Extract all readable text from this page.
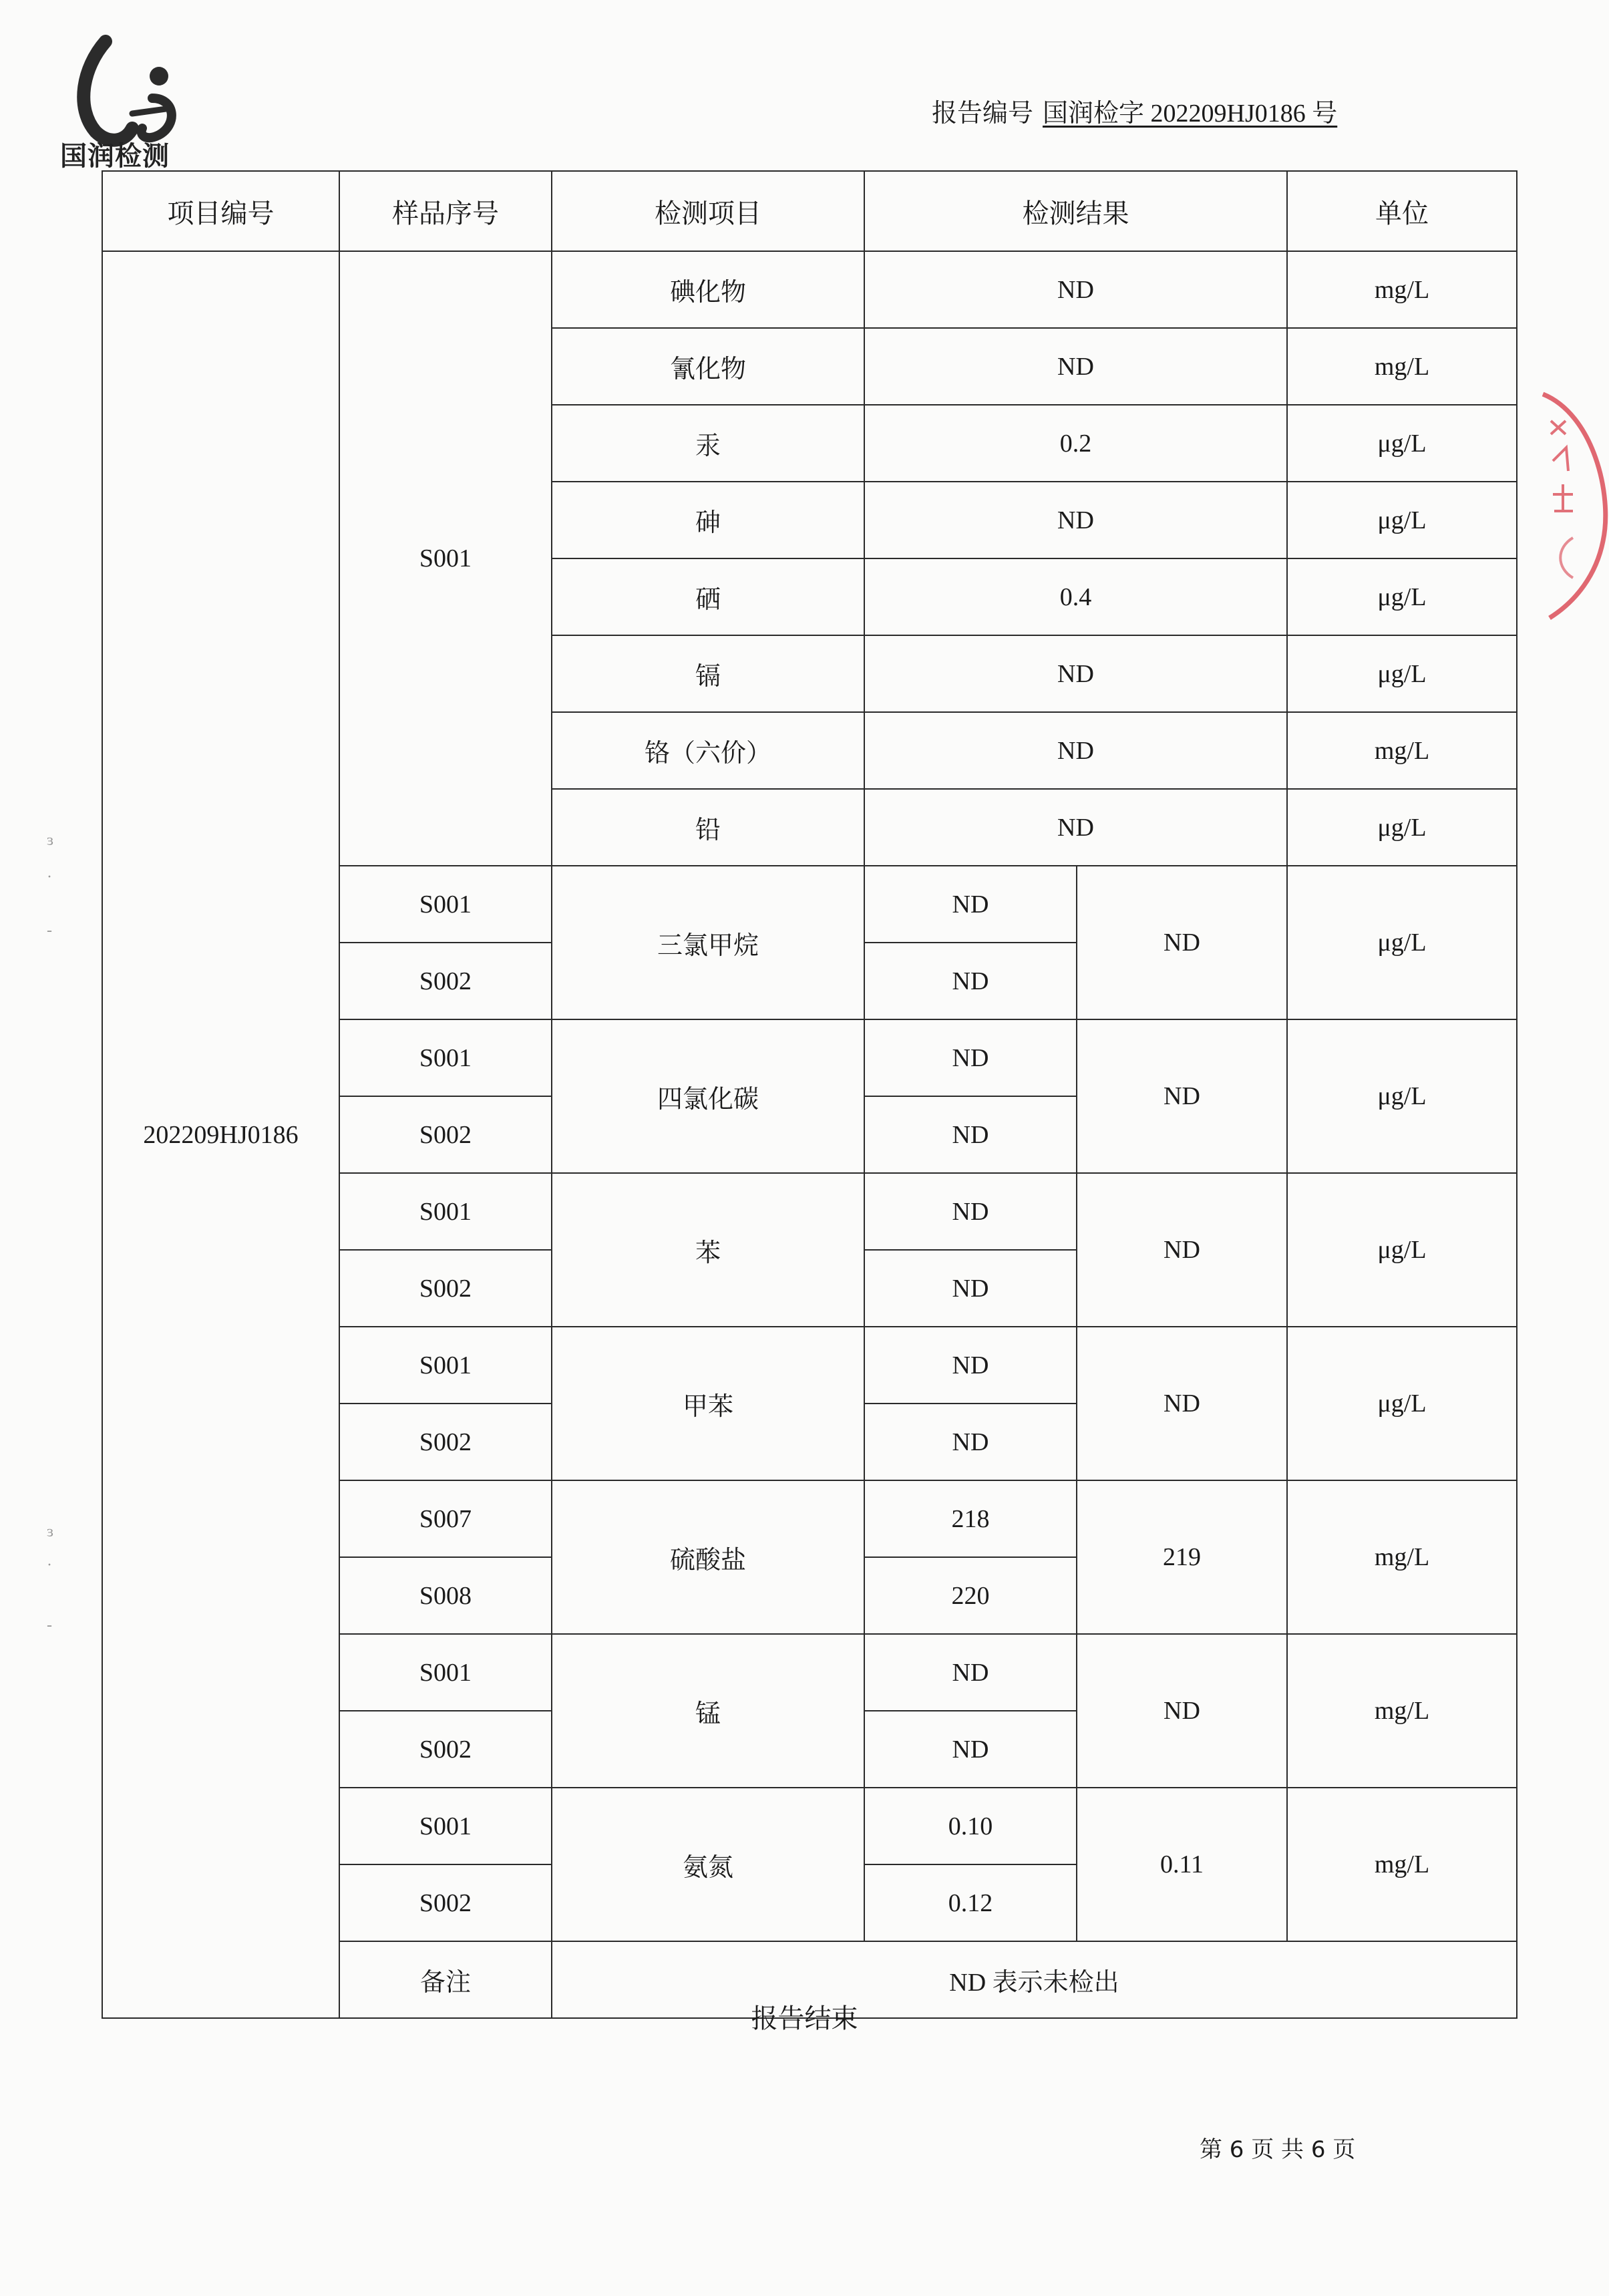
国润检测
报告编号 国润检字 202209HJ0186 号
ɜ
·
-
ɜ
·
-
项目编号	样品序号	检测项目	检测结果		单位
202209HJ0186	S001	碘化物	ND		mg/L
		氰化物	ND		mg/L
		汞	0.2		μg/L
		砷	ND		μg/L
		硒	0.4		μg/L
		镉	ND		μg/L
		铬（六价）	ND		mg/L
		铅	ND		μg/L
	S001	三氯甲烷	ND	ND	μg/L
	S002		ND		
	S001	四氯化碳	ND	ND	μg/L
	S002		ND		
	S001	苯	ND	ND	μg/L
	S002		ND		
	S001	甲苯	ND	ND	μg/L
	S002		ND		
	S007	硫酸盐	218	219	mg/L
	S008		220		
	S001	锰	ND	ND	mg/L
	S002		ND		
	S001	氨氮	0.10	0.11	mg/L
	S002		0.12		
	备注	ND 表示未检出			
报告结束
第 6 页 共 6 页
